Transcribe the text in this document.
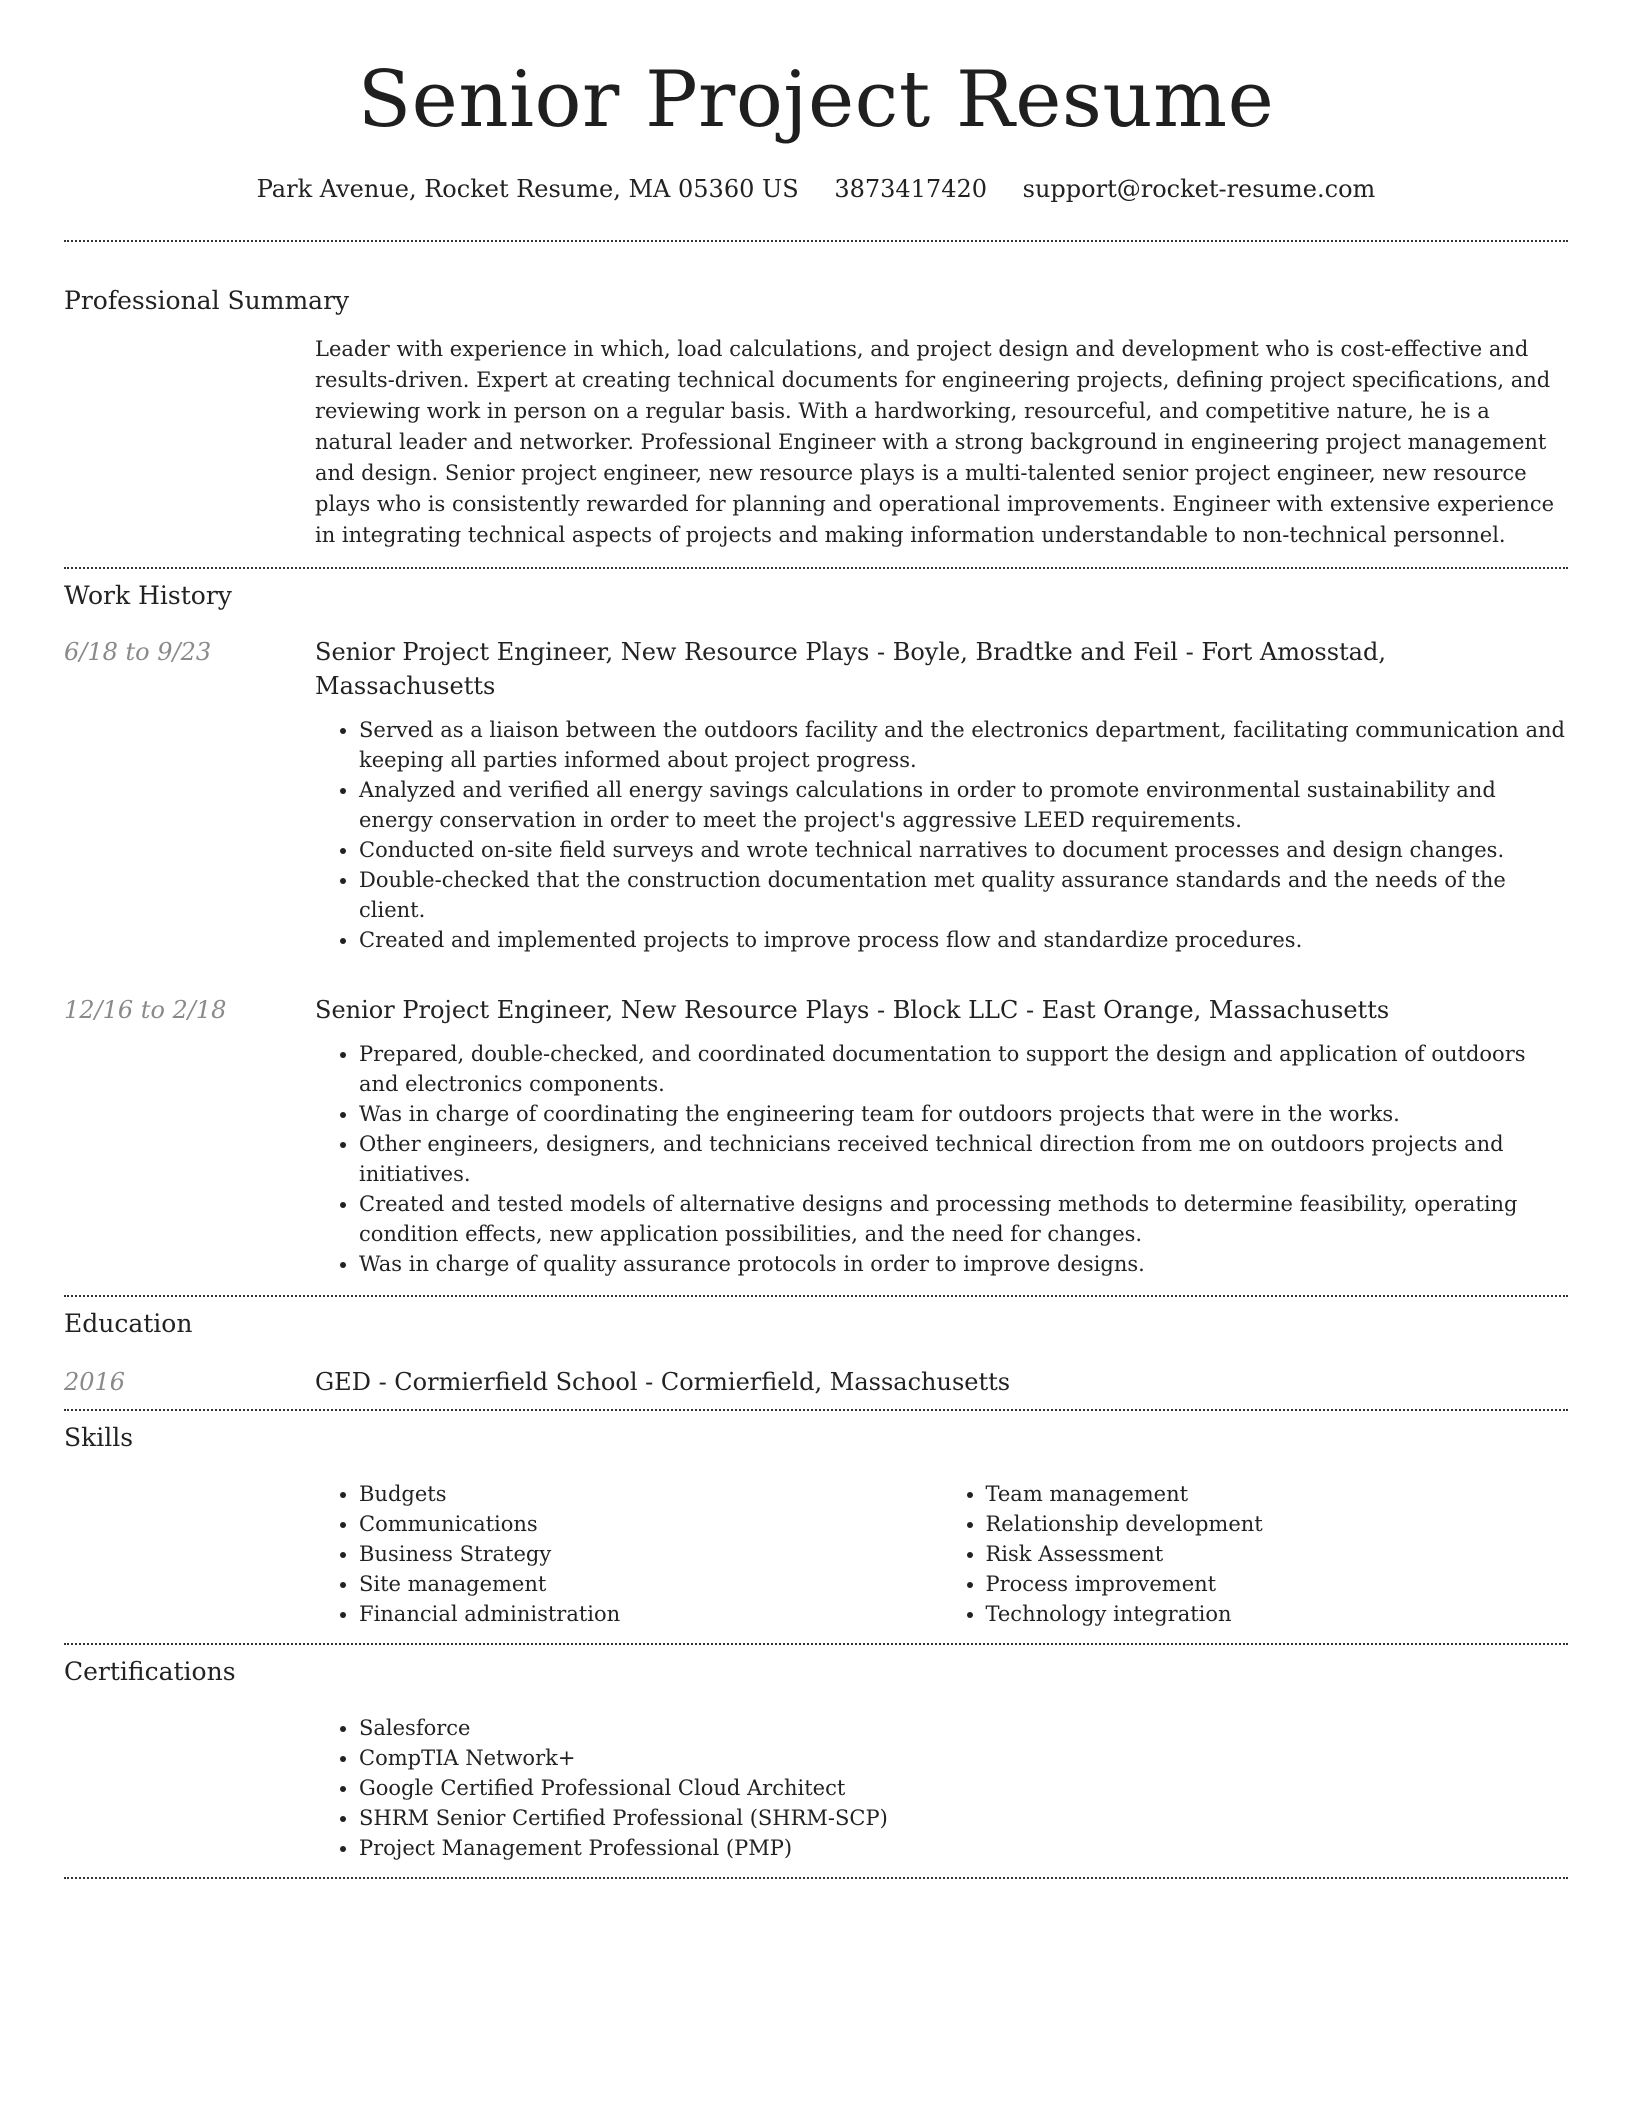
Senior Project Resume
Park Avenue, Rocket Resume, MA 05360 US 3873417420 support@rocket-resume.com
Professional Summary
Leader with experience in which, load calculations, and project design and development who is cost-effective and results-driven. Expert at creating technical documents for engineering projects, defining project specifications, and reviewing work in person on a regular basis. With a hardworking, resourceful, and competitive nature, he is a natural leader and networker. Professional Engineer with a strong background in engineering project management and design. Senior project engineer, new resource plays is a multi-talented senior project engineer, new resource plays who is consistently rewarded for planning and operational improvements. Engineer with extensive experience in integrating technical aspects of projects and making information understandable to non-technical personnel.
Work History
6/18 to 9/23	Senior Project Engineer, New Resource Plays - Boyle, Bradtke and Feil - Fort Amosstad, Massachusetts
• Served as a liaison between the outdoors facility and the electronics department, facilitating communication and keeping all parties informed about project progress.
• Analyzed and verified all energy savings calculations in order to promote environmental sustainability and energy conservation in order to meet the project's aggressive LEED requirements.
• Conducted on-site field surveys and wrote technical narratives to document processes and design changes.
• Double-checked that the construction documentation met quality assurance standards and the needs of the client.
• Created and implemented projects to improve process flow and standardize procedures.
12/16 to 2/18	Senior Project Engineer, New Resource Plays - Block LLC - East Orange, Massachusetts
• Prepared, double-checked, and coordinated documentation to support the design and application of outdoors and electronics components.
• Was in charge of coordinating the engineering team for outdoors projects that were in the works.
• Other engineers, designers, and technicians received technical direction from me on outdoors projects and initiatives.
• Created and tested models of alternative designs and processing methods to determine feasibility, operating condition effects, new application possibilities, and the need for changes.
• Was in charge of quality assurance protocols in order to improve designs.
Education
2016	GED - Cormierfield School - Cormierfield, Massachusetts
Skills
• Budgets
• Communications
• Business Strategy
• Site management
• Financial administration
• Team management
• Relationship development
• Risk Assessment
• Process improvement
• Technology integration
Certifications
• Salesforce
• CompTIA Network+
• Google Certified Professional Cloud Architect
• SHRM Senior Certified Professional (SHRM-SCP)
• Project Management Professional (PMP)
